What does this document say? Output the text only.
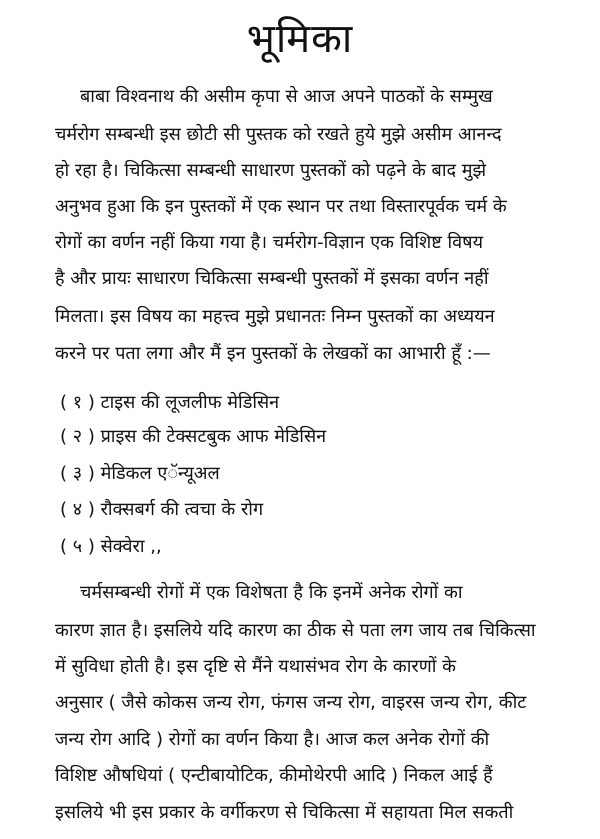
भूमिका
बाबा विश्वनाथ की असीम कृपा से आज अपने पाठकों के सम्मुख
चर्मरोग सम्बन्धी इस छोटी सी पुस्तक को रखते हुये मुझे असीम आनन्द
हो रहा है। चिकित्सा सम्बन्धी साधारण पुस्तकों को पढ़ने के बाद मुझे
अनुभव हुआ कि इन पुस्तकों में एक स्थान पर तथा विस्तारपूर्वक चर्म के
रोगों का वर्णन नहीं किया गया है। चर्मरोग-विज्ञान एक विशिष्ट विषय
है और प्रायः साधारण चिकित्सा सम्बन्धी पुस्तकों में इसका वर्णन नहीं
मिलता। इस विषय का महत्त्व मुझे प्रधानतः निम्न पुस्तकों का अध्ययन
करने पर पता लगा और मैं इन पुस्तकों के लेखकों का आभारी हूँ :—
( १ ) टाइस की लूजलीफ मेडिसिन
( २ ) प्राइस की टेक्सटबुक आफ मेडिसिन
( ३ ) मेडिकल एॅन्यूअल
( ४ ) रौक्सबर्ग की त्वचा के रोग
( ५ ) सेक्वेरा ,,
चर्मसम्बन्धी रोगों में एक विशेषता है कि इनमें अनेक रोगों का
कारण ज्ञात है। इसलिये यदि कारण का ठीक से पता लग जाय तब चिकित्सा
में सुविधा होती है। इस दृष्टि से मैंने यथासंभव रोग के कारणों के
अनुसार ( जैसे कोकस जन्य रोग, फंगस जन्य रोग, वाइरस जन्य रोग, कीट
जन्य रोग आदि ) रोगों का वर्णन किया है। आज कल अनेक रोगों की
विशिष्ट औषधियां ( एन्टीबायोटिक, कीमोथेरपी आदि ) निकल आई हैं
इसलिये भी इस प्रकार के वर्गीकरण से चिकित्सा में सहायता मिल सकती
